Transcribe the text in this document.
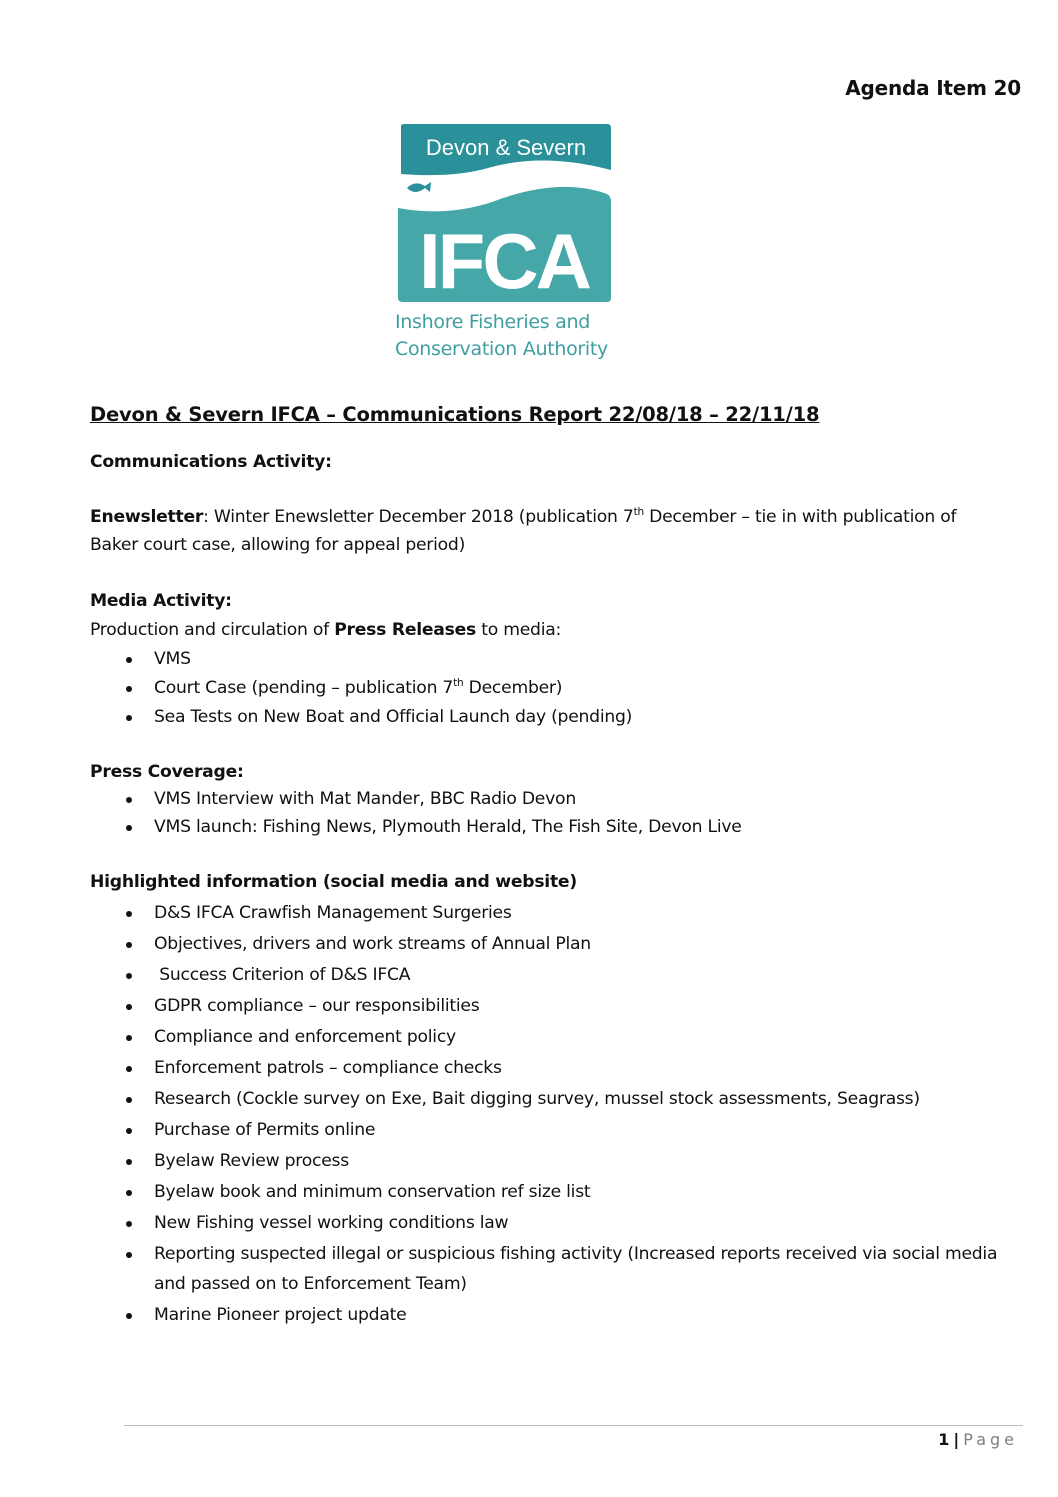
Agenda Item 20
Devon & Severn
IFCA
Inshore Fisheries and
Conservation Authority
Devon & Severn IFCA – Communications Report 22/08/18 – 22/11/18
Communications Activity:
Enewsletter: Winter Enewsletter December 2018 (publication 7th December – tie in with publication of
Baker court case, allowing for appeal period)
Media Activity:
Production and circulation of Press Releases to media:
VMS
Court Case (pending – publication 7th December)
Sea Tests on New Boat and Official Launch day (pending)
Press Coverage:
VMS Interview with Mat Mander, BBC Radio Devon
VMS launch: Fishing News, Plymouth Herald, The Fish Site, Devon Live
Highlighted information (social media and website)
D&S IFCA Crawfish Management Surgeries
Objectives, drivers and work streams of Annual Plan
Success Criterion of D&S IFCA
GDPR compliance – our responsibilities
Compliance and enforcement policy
Enforcement patrols – compliance checks
Research (Cockle survey on Exe, Bait digging survey, mussel stock assessments, Seagrass)
Purchase of Permits online
Byelaw Review process
Byelaw book and minimum conservation ref size list
New Fishing vessel working conditions law
Reporting suspected illegal or suspicious fishing activity (Increased reports received via social media and passed on to Enforcement Team)
Marine Pioneer project update
1 | Page
